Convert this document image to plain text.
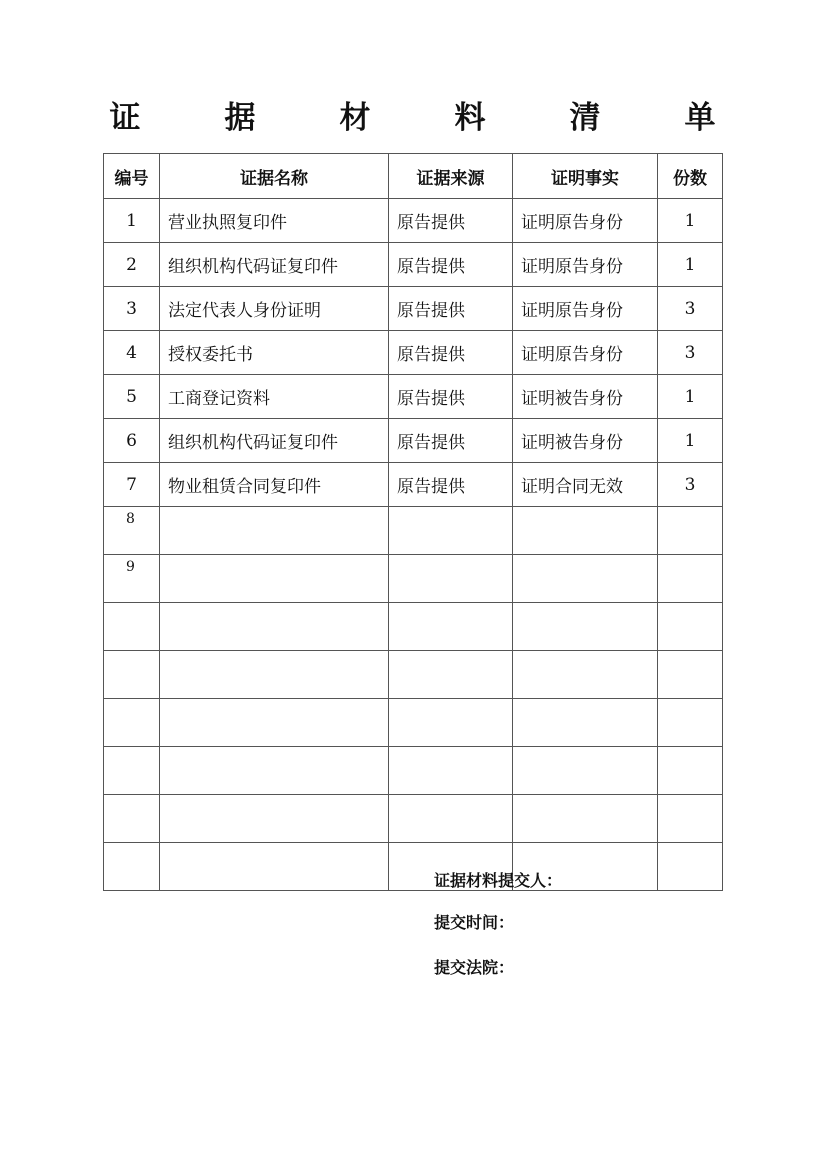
证	据	材	料	清	单
编号	证据名称	证据来源	证明事实	份数
1	营业执照复印件	原告提供	证明原告身份	1
2	组织机构代码证复印件	原告提供	证明原告身份	1
3	法定代表人身份证明	原告提供	证明原告身份	3
4	授权委托书	原告提供	证明原告身份	3
5	工商登记资料	原告提供	证明被告身份	1
6	组织机构代码证复印件	原告提供	证明被告身份	1
7	物业租赁合同复印件	原告提供	证明合同无效	3
8				
9				

证据材料提交人：
提交时间：
提交法院：
